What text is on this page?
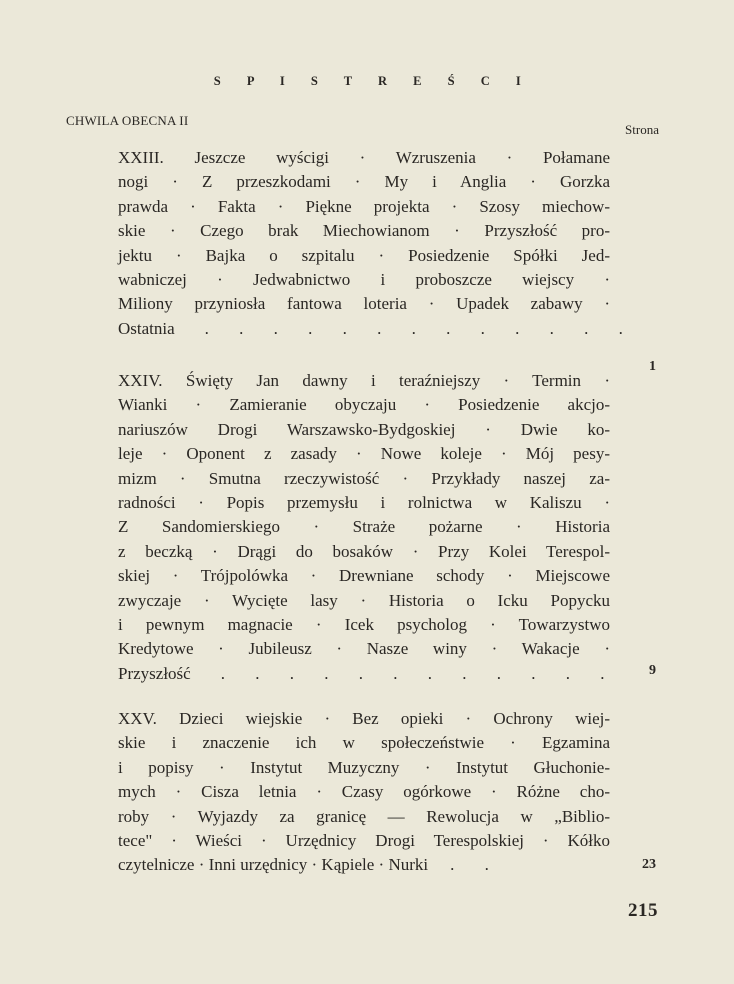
S P I S T R E Ś C I
CHWILA OBECNA II
Strona
XXIII. Jeszcze wyścigi · Wzruszenia · Połamane
nogi · Z przeszkodami · My i Anglia · Gorzka
prawda · Fakta · Piękne projekta · Szosy miechow-
skie · Czego brak Miechowianom · Przyszłość pro-
jektu · Bajka o szpitalu · Posiedzenie Spółki Jed-
wabniczej · Jedwabnictwo i proboszcze wiejscy ·
Miliony przyniosła fantowa loteria · Upadek zabawy ·
Ostatnia . . . . . . . . . . . . .
1
XXIV. Święty Jan dawny i teraźniejszy · Termin ·
Wianki · Zamieranie obyczaju · Posiedzenie akcjo-
nariuszów Drogi Warszawsko-Bydgoskiej · Dwie ko-
leje · Oponent z zasady · Nowe koleje · Mój pesy-
mizm · Smutna rzeczywistość · Przykłady naszej za-
radności · Popis przemysłu i rolnictwa w Kaliszu ·
Z Sandomierskiego · Straże pożarne · Historia
z beczką · Drągi do bosaków · Przy Kolei Terespol-
skiej · Trójpolówka · Drewniane schody · Miejscowe
zwyczaje · Wycięte lasy · Historia o Icku Popycku
i pewnym magnacie · Icek psycholog · Towarzystwo
Kredytowe · Jubileusz · Nasze winy · Wakacje ·
Przyszłość . . . . . . . . . . . .	9
XXV. Dzieci wiejskie · Bez opieki · Ochrony wiej-
skie i znaczenie ich w społeczeństwie · Egzamina
i popisy · Instytut Muzyczny · Instytut Głuchonie-
mych · Cisza letnia · Czasy ogórkowe · Różne cho-
roby · Wyjazdy za granicę — Rewolucja w „Biblio-
tece" · Wieści · Urzędnicy Drogi Terespolskiej · Kółko
czytelnicze · Inni urzędnicy · Kąpiele · Nurki . .	23
215
